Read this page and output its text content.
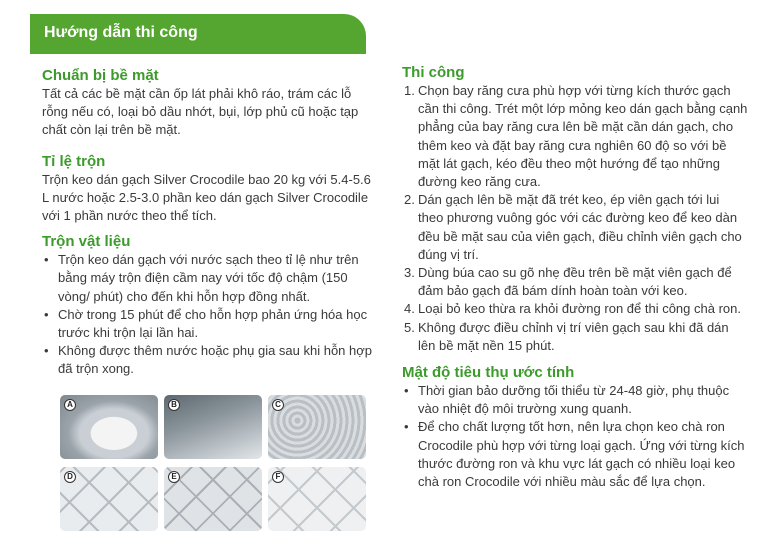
Hướng dẫn thi công
Chuẩn bị bề mặt

Tất cả các bề mặt cần ốp lát phải khô ráo, trám các lỗ rỗng nếu có, loại bỏ dầu nhớt, bụi, lớp phủ cũ hoặc tạp chất còn lại trên bề mặt.

Tỉ lệ trộn

Trộn keo dán gạch Silver Crocodile bao 20 kg với 5.4-5.6 L nước hoặc 2.5-3.0 phần keo dán gạch Silver Crocodile với 1 phần nước theo thể tích.

Trộn vật liệu
• Trộn keo dán gạch với nước sạch theo tỉ lệ như trên bằng máy trộn điện cầm nay với tốc độ chậm (150 vòng/ phút) cho đến khi hỗn hợp đồng nhất.
• Chờ trong 15 phút để cho hỗn hợp phản ứng hóa học trước khi trộn lại lần hai.
• Không được thêm nước hoặc phụ gia sau khi hỗn hợp đã trộn xong.
A	B	C
D	E	F
Thi công
1. Chọn bay răng cưa phù hợp với từng kích thước gạch cần thi công. Trét một lớp mỏng keo dán gạch bằng cạnh phẳng của bay răng cưa lên bề mặt cần dán gạch, cho thêm keo và đặt bay răng cưa nghiên 60 độ so với bề mặt lát gạch, kéo đều theo một hướng để tạo những đường keo răng cưa.
2. Dán gạch lên bề mặt đã trét keo, ép viên gạch tới lui theo phương vuông góc với các đường keo để keo dàn đều bề mặt sau của viên gạch, điều chỉnh viên gạch cho đúng vị trí.
3. Dùng búa cao su gõ nhẹ đều trên bề mặt viên gạch để đảm bảo gạch đã bám dính hoàn toàn với keo.
4. Loại bỏ keo thừa ra khỏi đường ron để thi công chà ron.
5. Không được điều chỉnh vị trí viên gạch sau khi đã dán lên bề mặt nền 15 phút.
Mật độ tiêu thụ ước tính
• Thời gian bảo dưỡng tối thiểu từ 24-48 giờ, phụ thuộc vào nhiệt độ môi trường xung quanh.
• Để cho chất lượng tốt hơn, nên lựa chọn keo chà ron Crocodile phù hợp với từng loại gạch. Ứng với từng kích thước đường ron và khu vực lát gạch có nhiều loại keo chà ron Crocodile với nhiều màu sắc để lựa chọn.
